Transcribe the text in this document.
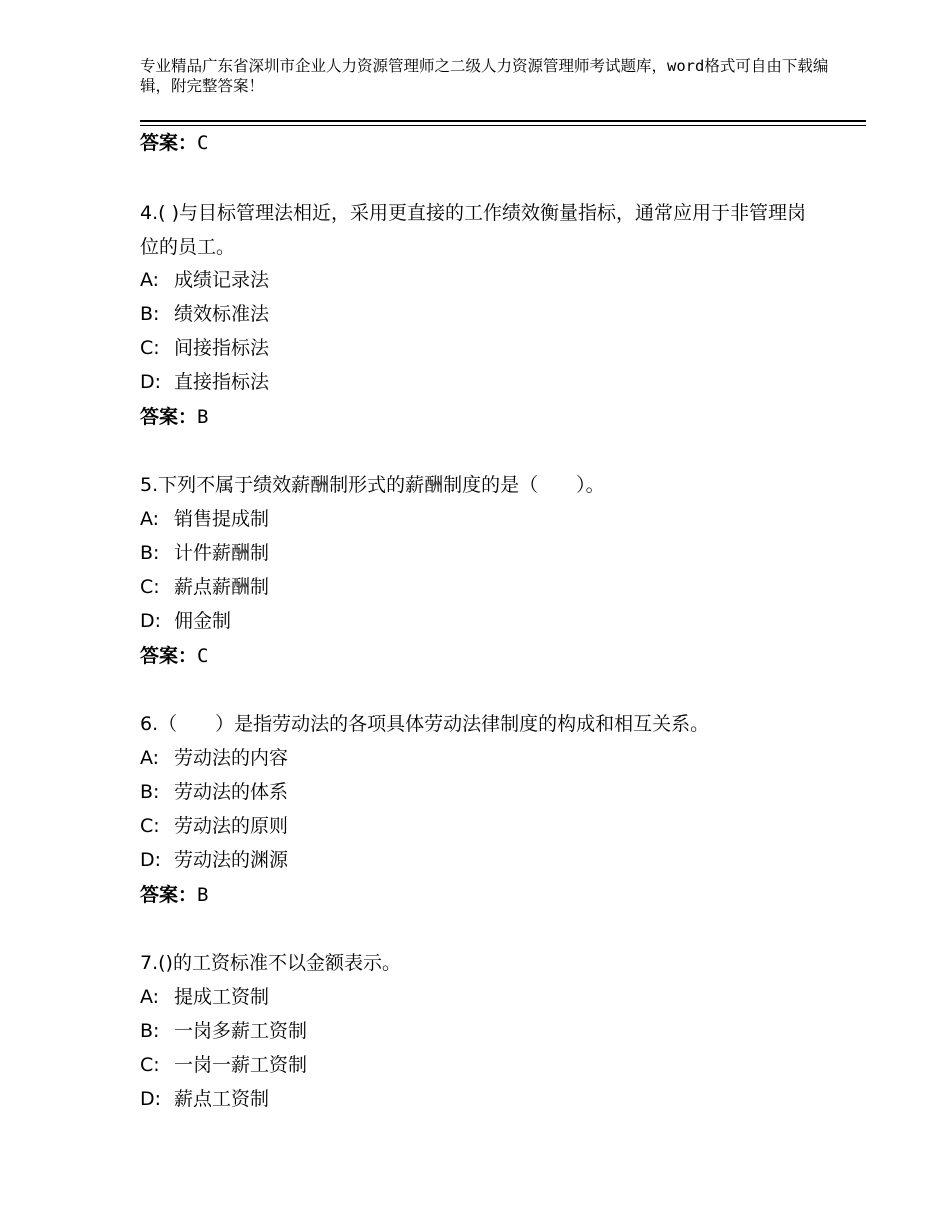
专业精品广东省深圳市企业人力资源管理师之二级人力资源管理师考试题库，word格式可自由下载编辑，附完整答案！
答案：C
4.( )与目标管理法相近，采用更直接的工作绩效衡量指标，通常应用于非管理岗位的员工。
A: 成绩记录法
B: 绩效标准法
C: 间接指标法
D: 直接指标法
答案：B
5.下列不属于绩效薪酬制形式的薪酬制度的是（　　）。
A: 销售提成制
B: 计件薪酬制
C: 薪点薪酬制
D: 佣金制
答案：C
6.（　　）是指劳动法的各项具体劳动法律制度的构成和相互关系。
A: 劳动法的内容
B: 劳动法的体系
C: 劳动法的原则
D: 劳动法的渊源
答案：B
7.()的工资标准不以金额表示。
A: 提成工资制
B: 一岗多薪工资制
C: 一岗一薪工资制
D: 薪点工资制
